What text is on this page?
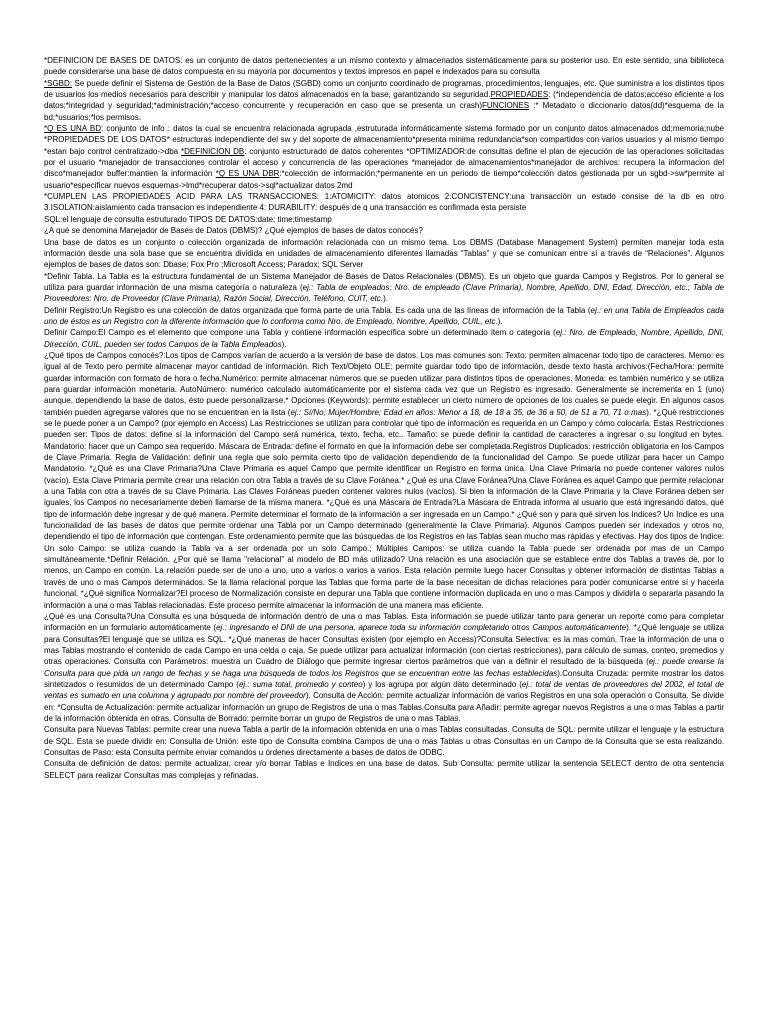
*DEFINICION DE BASES DE DATOS: es un conjunto de datos pertenecientes a un mismo contexto y almacenados sistemáticamente para su posterior uso. En este sentido, una biblioteca puede considerarse una base de datos compuesta en su mayoría por documentos y textos impresos en papel e indexados para su consulta

*SGBD: Se puede definir el Sistema de Gestión de la Base de Datos (SGBD) como un conjunto coordinado de programas, procedimientos, lenguajes, etc. Que suministra a los distintos tipos de usuarios los medios necesarios para describir y manipular los datos almacenados en la base, garantizando su seguridad.PROPIEDADES: (*independencia de datos;acceso eficiente a los datos;*integridad y seguridad;*administración;*acceso concurrente y recuperación en caso que se presenta un crash)FUNCIONES :* Metadato o diccionario datos(dd)*esquema de la bd;*usuarios;*los permisos.

*Q ES UNA BD: conjunto de info : datos la cual se encuentra relacionada agrupada ,estruturada informáticamente sistema formado por un conjunto datos almacenados dd;memoria;nube *PROPIEDADES DE LOS DATOS* estructuras independiente del sw y del soporte de almacenamiento*presenta minima redundancia*son compartidos con varios usuarios y al mismo tiempo *estan bajo control centralizado->dba *DEFINICION DB: conjunto estructurado de datos coherentes *OPTIMIZADOR:de consultas define el plan de ejecución de las operaciones solicitadas por el usuario *manejador de transacciones controlar el acceso y concurrencia de las operaciones *manejador de almacenamientos*manejador de archivos: recupera la informacion del disco*manejador buffer:mantien la información *Q ES UNA DBR:*colección de información;*permanente en un periodo de tiempo*colección datos gestionada por un sgbd->sw*permite al usuario*especificar nuevos esquemas->lmd*recuperar datos->sql*actualizar datos 2md

*CUMPLEN LAS PROPIEDADES ACID PARA LAS TRANSACCIONES: 1:ATOMICITY: datos atomicos 2:CONCISTENCY:una transacción un estado consise de la db en otro 3.ISOLATION:aislamiento cada transacion es independiente 4: DURABILITY: después de q una transacción es confirmada esta persiste

SQL:el lenguaje de consulta estruturado TIPOS DE DATOS:date; time;timestamp

¿A qué se denomina Manejador de Bases de Datos (DBMS)? ¿Qué ejemplos de bases de datos conocés?

Una base de datos es un conjunto o colección organizada de información relacionada con un mismo tema. Los DBMS (Database Management System) permiten manejar toda esta información desde una sola base que se encuentra dividida en unidades de almacenamiento diferentes llamadas “Tablas” y que se comunican entre sí a través de “Relaciones”. Algunos ejemplos de bases de datos son: Dbase; Fox Pro ;Microsoft Access; Paradox; SQL Server

*Definir Tabla. La Tabla es la estructura fundamental de un Sistema Manejador de Bases de Datos Relacionales (DBMS). Es un objeto que guarda Campos y Registros. Por lo general se utiliza para guardar información de una misma categoría o naturaleza (ej.: Tabla de empleados: Nro. de empleado (Clave Primaria), Nombre, Apellido, DNI, Edad, Dirección, etc.; Tabla de Proveedores: Nro. de Proveedor (Clave Primaria), Razón Social, Dirección, Teléfono, CUIT, etc.).

Definir Registro:Un Registro es una colección de datos organizada que forma parte de una Tabla. Es cada una de las líneas de información de la Tabla (ej.: en una Tabla de Empleados cada uno de éstos es un Registro con la diferente información que lo conforma como Nro. de Empleado, Nombre, Apellido, CUIL, etc.).

Definir Campo:El Campo es el elemento que compone una Tabla y contiene información específica sobre un determinado ítem o categoría (ej.: Nro. de Empleado, Nombre, Apellido, DNI, Dirección, CUIL, pueden ser todos Campos de la Tabla Empleados).

¿Qué tipos de Campos conocés?:Los tipos de Campos varían de acuerdo a la versión de base de datos. Los mas comunes son: Texto: permiten almacenar todo tipo de caracteres. Memo: es igual al de Texto pero permite almacenar mayor cantidad de información. Rich Text/Objeto OLE: permite guardar todo tipo de información, desde texto hasta archivos:(Fecha/Hora: permite guardar información con formato de hora o fecha.Numérico: permite almacenar números que se pueden utilizar para distintos tipos de operaciones. Moneda: es también numérico y se utiliza para guardar información monetaria. AutoNúmero: numérico calculado automáticamente por el sistema cada vez que un Registro es ingresado. Generalmente se incrementa en 1 (uno) aunque, dependiendo la base de datos, ésto puede personalizarse.* Opciones (Keywords): permite establecer un cierto número de opciones de los cuales se puede elegir. En algunos casos también pueden agregarse valores que no se encuentran en la lista (ej.: Sí/No; Mujer/Hombre; Edad en años: Menor a 18, de 18 a 35, de 36 a 50, de 51 a 70, 71 o mas). *¿Qué restricciones se le puede poner a un Campo? (por ejemplo en Access) Las Restricciones se utilizan para controlar qué tipo de información es requerida en un Campo y cómo colocarla. Estas Restricciones pueden ser: Tipos de datos: define sí la información del Campo será numérica, texto, fecha, etc.. Tamaño: se puede definir la cantidad de caracteres a ingresar o su longitud en bytes. Mandatorio: hacer que un Campo sea requerido. Máscara de Entrada: define el formato en que la información debe ser completada.Registros Duplicados: restricción obligatoria en los Campos de Clave Primaria. Regla de Validación: definir una regla que solo permita cierto tipo de validación dependiendo de la funcionalidad del Campo. Se puede utilizar para hacer un Campo Mandatorio. *¿Qué es una Clave Primaria?Una Clave Primaria es aquel Campo que permite identificar un Registro en forma única. Una Clave Primaria no puede contener valores nulos (vacío). Esta Clave Primaria permite crear una relación con otra Tabla a través de su Clave Foránea.* ¿Qué es una Clave Foránea?Una Clave Foránea es aquel Campo que permite relacionar a una Tabla con otra a través de su Clave Primaria. Las Claves Foráneas pueden contener valores nulos (vacíos). Si bien la información de la Clave Primaria y la Clave Foránea deben ser iguales, los Campos no necesariamente deben llamarse de la misma manera. *¿Qué es una Máscara de Entrada?La Máscara de Entrada informa al usuario que está ingresando datos, qué tipo de información debe ingresar y de qué manera. Permite determinar el formato de la información a ser ingresada en un Campo.* ¿Qué son y para qué sirven los Indices? Un Indice es una funcionalidad de las bases de datos que permite ordenar una Tabla por un Campo determinado (generalmente la Clave Primaria). Algunos Campos pueden ser indexados y otros no, dependiendo el tipo de información que contengan. Este ordenamiento permite que las búsquedas de los Registros en las Tablas sean mucho mas rápidas y efectivas. Hay dos tipos de Indice: Un solo Campo: se utiliza cuando la Tabla va a ser ordenada por un solo Campo.; Múltiples Campos: se utiliza cuando la Tabla puede ser ordenada por mas de un Campo simultáneamente.*Definir Relación. ¿Por qué se llama "relacional" al modelo de BD más utilizado? Una relación es una asociación que se establece entre dos Tablas a través de, por lo menos, un Campo en común. La relación puede ser de uno a uno, uno a varios o varios a varios. Esta relación permite luego hacer Consultas y obtener información de distintas Tablas a través de uno o mas Campos determinados. Se la llama relacional porque las Tablas que forma parte de la base necesitan de dichas relaciones para poder comunicarse entre sí y hacerla funcional. *¿Qué significa Normalizar?El proceso de Normalización consiste en depurar una Tabla que contiene información duplicada en uno o mas Campos y dividirla o separarla pasando la información a una o mas Tablas relacionadas. Este proceso permite almacenar la información de una manera mas eficiente.

¿Qué es una Consulta?Una Consulta es una búsqueda de información dentro de una o mas Tablas. Esta información se puede utilizar tanto para generar un reporte como para completar información en un formulario automáticamente (ej.: ingresando el DNI de una persona, aparece toda su información completando otros Campos automáticamente). *¿Qué lenguaje se utiliza para Consultas?El lenguaje que se utiliza es SQL. *¿Qué maneras de hacer Consultas existen (por ejemplo en Access)?Consulta Selectiva: es la mas común. Trae la información de una o mas Tablas mostrando el contenido de cada Campo en una celda o caja. Se puede utilizar para actualizar información (con ciertas restricciones), para cálculo de sumas, conteo, promedios y otras operaciones. Consulta con Parámetros: muestra un Cuadro de Diálogo que permite ingresar ciertos parámetros que van a definir el resultado de la búsqueda (ej.: puede crearse la Consulta para que pida un rango de fechas y se haga una búsqueda de todos los Registros que se encuentran entre las fechas establecidas).Consulta Cruzada: permite mostrar los datos sintetizados o resumidos de un determinado Campo (ej.: suma total, promedio y conteo) y los agrupa por algún dato determinado (ej.: total de ventas de proveedores del 2002, el total de ventas es sumado en una columna y agrupado por nombre del proveedor). Consulta de Acción: permite actualizar información de varios Registros en una sola operación o Consulta. Se divide en: *Consulta de Actualización: permite actualizar información un grupo de Registros de una o mas Tablas.Consulta para Añadir: permite agregar nuevos Registros a una o mas Tablas a partir de la información obtenida en otras. Consulta de Borrado: permite borrar un grupo de Registros de una o mas Tablas.

Consulta para Nuevas Tablas: permite crear una nueva Tabla a partir de la información obtenida en una o mas Tablas consultadas. Consulta de SQL: permite utilizar el lenguaje y la estructura de SQL. Esta se puede dividir en: Consulta de Unión: este tipo de Consulta combina Campos de una o mas Tablas u otras Consultas en un Campo de la Consulta que se esta realizando. Consultas de Paso: esta Consulta permite enviar comandos u órdenes directamente a bases de datos de ODBC.

Consulta de definición de datos: permite actualizar, crear y/o borrar Tablas e Indices en una base de datos. Sub Consulta: permite utilizar la sentencia SELECT dentro de otra sentencia SELECT para realizar Consultas mas complejas y refinadas.
